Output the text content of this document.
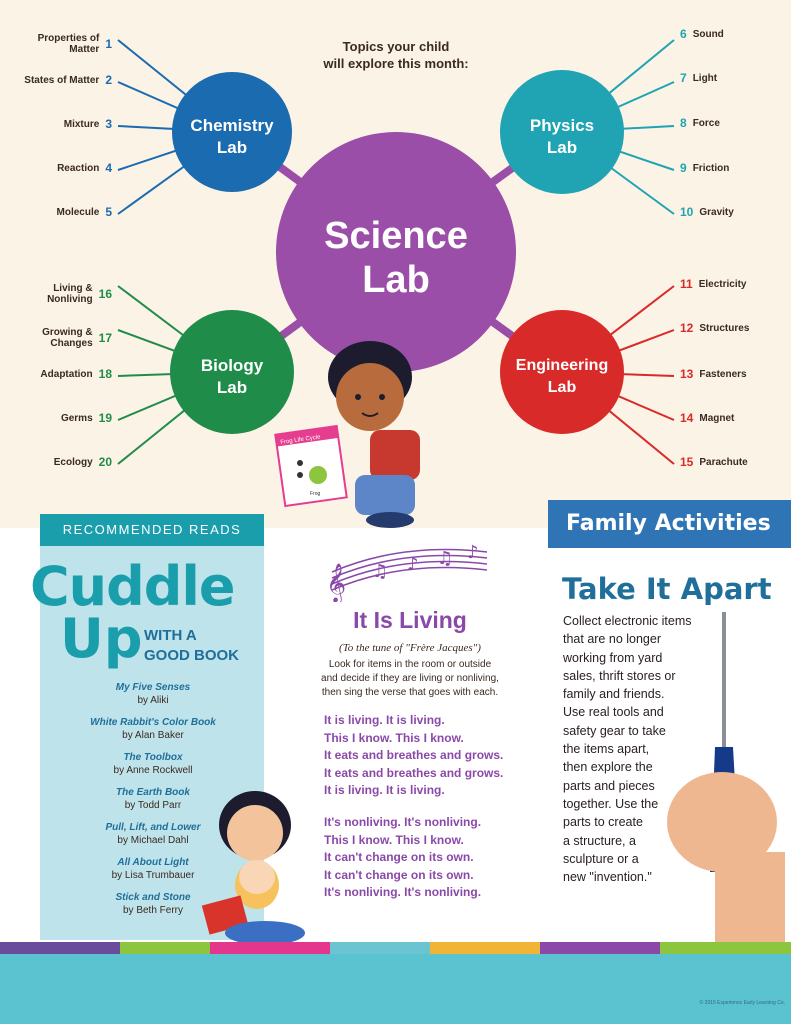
Properties of Matter 1
States of Matter 2
Mixture 3
Reaction 4
Molecule 5
6 Sound
7 Light
8 Force
9 Friction
10 Gravity
11 Electricity
12 Structures
13 Fasteners
14 Magnet
15 Parachute
Living & Nonliving 16
Growing & Changes 17
Adaptation 18
Germs 19
Ecology 20
Topics your child
will explore this month:
Science
Lab
Chemistry
Lab
Physics
Lab
Biology
Lab
Engineering
Lab
Frog Life Cycle
Frog
RECOMMENDED READS
Cuddle
Up WITH A
GOOD BOOK
My Five Senses
by Aliki
White Rabbit's Color Book
by Alan Baker
The Toolbox
by Anne Rockwell
The Earth Book
by Todd Parr
Pull, Lift, and Lower
by Michael Dahl
All About Light
by Lisa Trumbauer
Stick and Stone
by Beth Ferry
𝄞 ♫ ♪ ♫ ♪
It Is Living
(To the tune of "Frère Jacques")
Look for items in the room or outside
and decide if they are living or nonliving,
then sing the verse that goes with each.
It is living. It is living.
This I know. This I know.
It eats and breathes and grows.
It eats and breathes and grows.
It is living. It is living.
It's nonliving. It's nonliving.
This I know. This I know.
It can't change on its own.
It can't change on its own.
It's nonliving. It's nonliving.
Family Activities
Take It Apart
Collect electronic items
that are no longer
working from yard
sales, thrift stores or
family and friends.
Use real tools and
safety gear to take
the items apart,
then explore the
parts and pieces
together. Use the
parts to create
a structure, a
sculpture or a
new "invention."
© 2015 Experience Early Learning Co.
